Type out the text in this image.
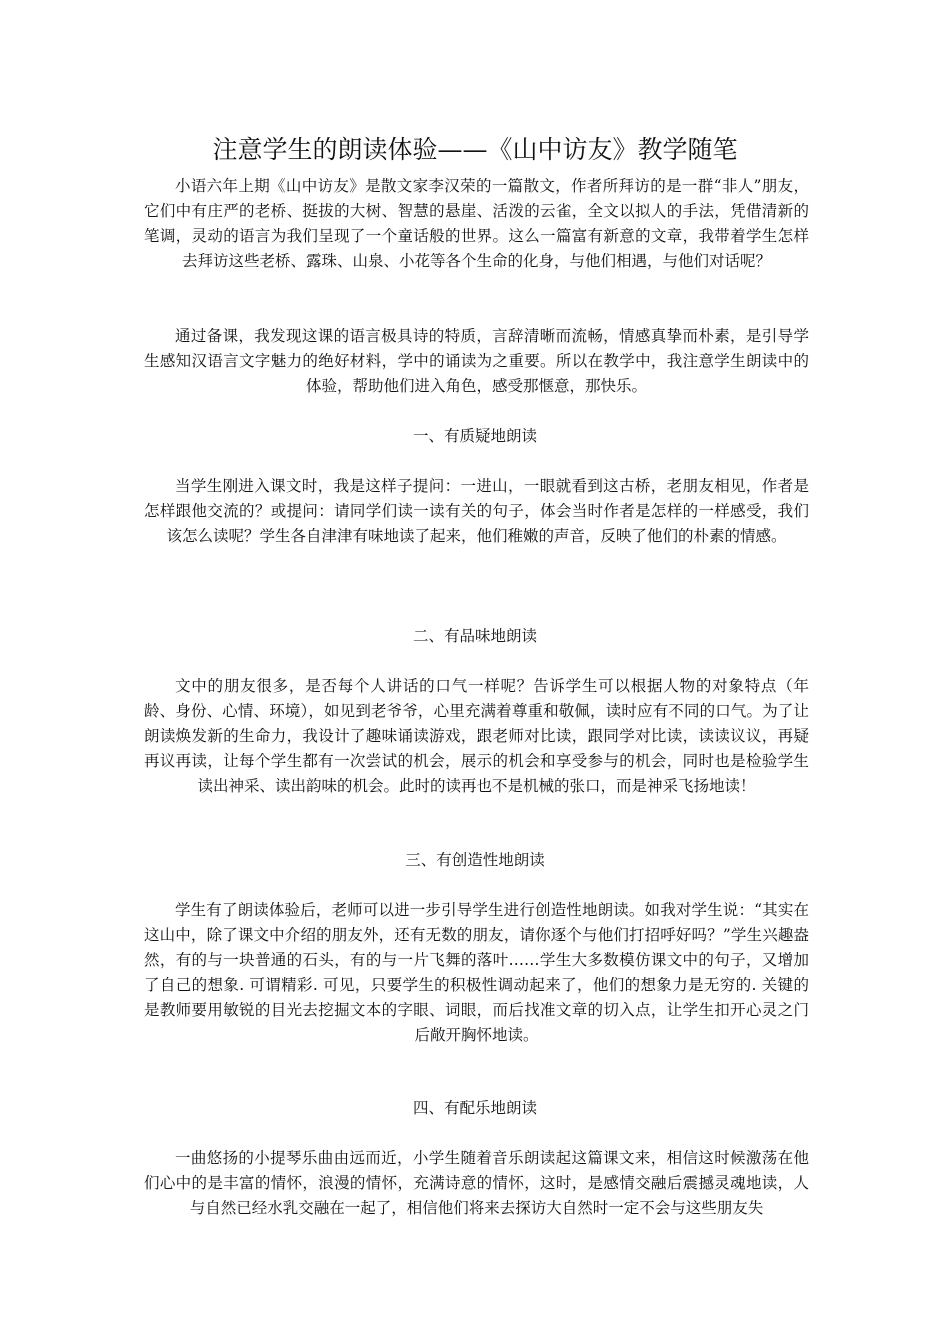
注意学生的朗读体验——《山中访友》教学随笔

小语六年上期《山中访友》是散文家李汉荣的一篇散文，作者所拜访的是一群“非人”朋友，它们中有庄严的老桥、挺拔的大树、智慧的悬崖、活泼的云雀，全文以拟人的手法，凭借清新的笔调，灵动的语言为我们呈现了一个童话般的世界。这么一篇富有新意的文章，我带着学生怎样去拜访这些老桥、露珠、山泉、小花等各个生命的化身，与他们相遇，与他们对话呢？

通过备课，我发现这课的语言极具诗的特质，言辞清晰而流畅，情感真挚而朴素，是引导学生感知汉语言文字魅力的绝好材料，学中的诵读为之重要。所以在教学中，我注意学生朗读中的体验，帮助他们进入角色，感受那惬意，那快乐。

一、有质疑地朗读

当学生刚进入课文时，我是这样子提问：一进山，一眼就看到这古桥，老朋友相见，作者是怎样跟他交流的？或提问：请同学们读一读有关的句子，体会当时作者是怎样的一样感受，我们该怎么读呢？学生各自津津有味地读了起来，他们稚嫩的声音，反映了他们的朴素的情感。

二、有品味地朗读

文中的朋友很多，是否每个人讲话的口气一样呢？告诉学生可以根据人物的对象特点（年龄、身份、心情、环境），如见到老爷爷，心里充满着尊重和敬佩，读时应有不同的口气。为了让朗读焕发新的生命力，我设计了趣味诵读游戏，跟老师对比读，跟同学对比读，读读议议，再疑再议再读，让每个学生都有一次尝试的机会，展示的机会和享受参与的机会，同时也是检验学生读出神采、读出韵味的机会。此时的读再也不是机械的张口，而是神采飞扬地读！

三、有创造性地朗读

学生有了朗读体验后，老师可以进一步引导学生进行创造性地朗读。如我对学生说：“其实在这山中，除了课文中介绍的朋友外，还有无数的朋友，请你逐个与他们打招呼好吗？”学生兴趣盎然，有的与一块普通的石头，有的与一片飞舞的落叶……学生大多数模仿课文中的句子，又增加了自己的想象. 可谓精彩. 可见，只要学生的积极性调动起来了，他们的想象力是无穷的. 关键的是教师要用敏锐的目光去挖掘文本的字眼、词眼，而后找准文章的切入点，让学生扣开心灵之门后敞开胸怀地读。

四、有配乐地朗读

一曲悠扬的小提琴乐曲由远而近，小学生随着音乐朗读起这篇课文来，相信这时候激荡在他们心中的是丰富的情怀，浪漫的情怀，充满诗意的情怀，这时，是感情交融后震撼灵魂地读，人与自然已经水乳交融在一起了，相信他们将来去探访大自然时一定不会与这些朋友失
